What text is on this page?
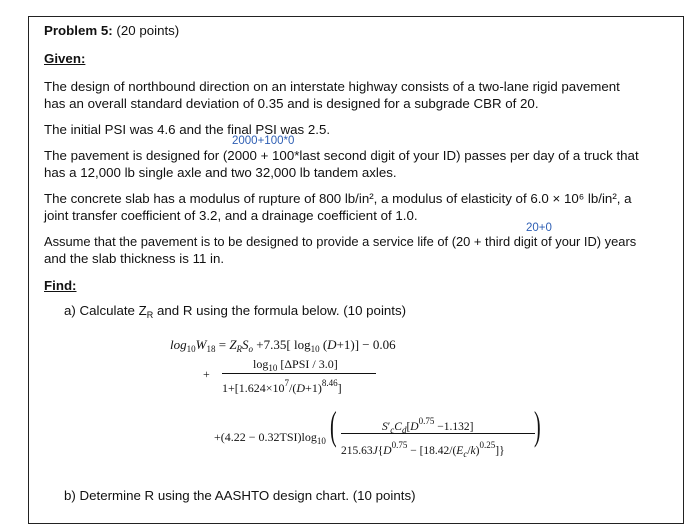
Problem 5: (20 points)
Given:
The design of northbound direction on an interstate highway consists of a two-lane rigid pavement
has an overall standard deviation of 0.35 and is designed for a subgrade CBR of 20.
The initial PSI was 4.6 and the final PSI was 2.5.
2000+100*0
The pavement is designed for (2000 + 100*last second digit of your ID) passes per day of a truck that
has a 12,000 lb single axle and two 32,000 lb tandem axles.
The concrete slab has a modulus of rupture of 800 lb/in², a modulus of elasticity of 6.0 × 10⁶ lb/in², a
joint transfer coefficient of 3.2, and a drainage coefficient of 1.0.
20+0
Assume that the pavement is to be designed to provide a service life of (20 + third digit of your ID) years
and the slab thickness is 11 in.
Find:
a) Calculate $Z_R$ and R using the formula below. (10 points)
$\log_{10}W_{18} = Z_RS_o +7.35$[ $\log_{10} (D+1)] - 0.06$
+
$\log_{10} [\Delta PSI / 3.0]$
$1+[1.624\times 10^7/(D+1)^{8.46}]$
$+(4.22 - 0.32TSI)\log_{10}$ (	$S'_cC_d[D^{0.75} -1.132]$
$215.63J\{D^{0.75} - [18.42/(E_c/k)^{0.25}]\}$
)
b) Determine R using the AASHTO design chart. (10 points)
